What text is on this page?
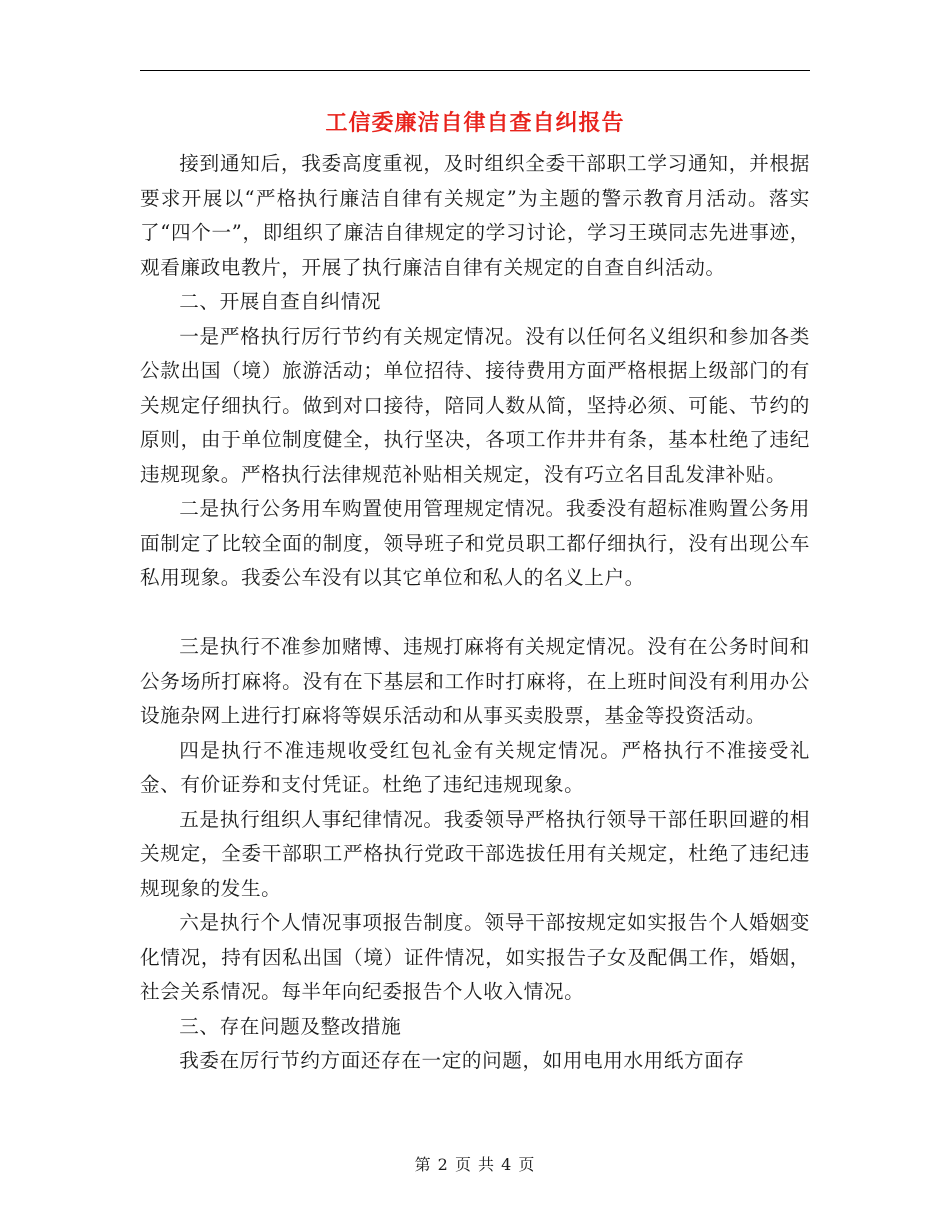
工信委廉洁自律自查自纠报告

接到通知后，我委高度重视，及时组织全委干部职工学习通知，并根据要求开展以“严格执行廉洁自律有关规定”为主题的警示教育月活动。落实了“四个一”，即组织了廉洁自律规定的学习讨论，学习王瑛同志先进事迹，观看廉政电教片，开展了执行廉洁自律有关规定的自查自纠活动。

二、开展自查自纠情况

一是严格执行厉行节约有关规定情况。没有以任何名义组织和参加各类公款出国（境）旅游活动；单位招待、接待费用方面严格根据上级部门的有关规定仔细执行。做到对口接待，陪同人数从简，坚持必须、可能、节约的原则，由于单位制度健全，执行坚决，各项工作井井有条，基本杜绝了违纪违规现象。严格执行法律规范补贴相关规定，没有巧立名目乱发津补贴。

二是执行公务用车购置使用管理规定情况。我委没有超标准购置公务用面制定了比较全面的制度，领导班子和党员职工都仔细执行，没有出现公车私用现象。我委公车没有以其它单位和私人的名义上户。

三是执行不准参加赌博、违规打麻将有关规定情况。没有在公务时间和公务场所打麻将。没有在下基层和工作时打麻将，在上班时间没有利用办公设施杂网上进行打麻将等娱乐活动和从事买卖股票，基金等投资活动。

四是执行不准违规收受红包礼金有关规定情况。严格执行不准接受礼金、有价证券和支付凭证。杜绝了违纪违规现象。

五是执行组织人事纪律情况。我委领导严格执行领导干部任职回避的相关规定，全委干部职工严格执行党政干部选拔任用有关规定，杜绝了违纪违规现象的发生。

六是执行个人情况事项报告制度。领导干部按规定如实报告个人婚姻变化情况，持有因私出国（境）证件情况，如实报告子女及配偶工作，婚姻，社会关系情况。每半年向纪委报告个人收入情况。

三、存在问题及整改措施

我委在厉行节约方面还存在一定的问题，如用电用水用纸方面存

第 2 页 共 4 页
